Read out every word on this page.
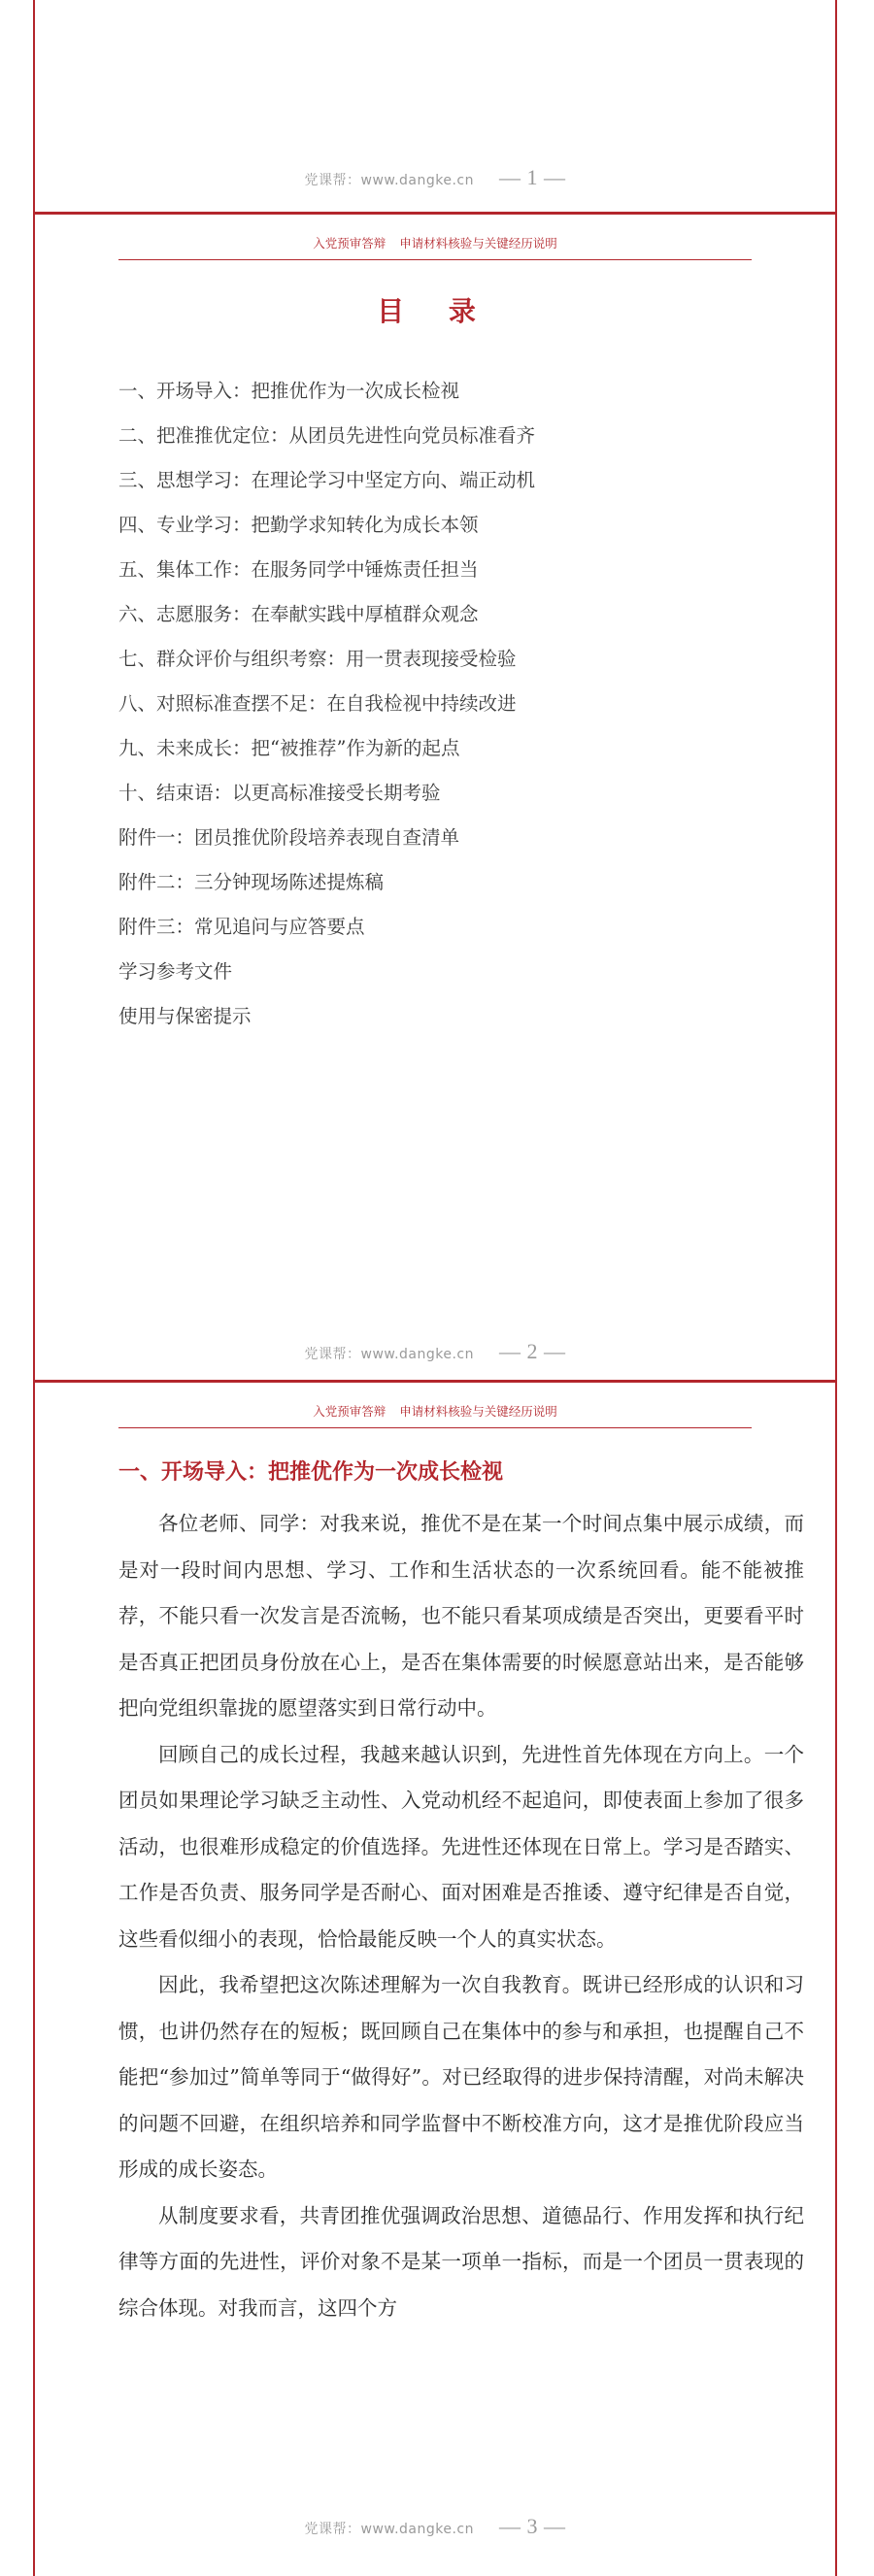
党课帮：www.dangke.cn — 1 —
入党预审答辩 申请材料核验与关键经历说明
目 录
一、开场导入：把推优作为一次成长检视
二、把准推优定位：从团员先进性向党员标准看齐
三、思想学习：在理论学习中坚定方向、端正动机
四、专业学习：把勤学求知转化为成长本领
五、集体工作：在服务同学中锤炼责任担当
六、志愿服务：在奉献实践中厚植群众观念
七、群众评价与组织考察：用一贯表现接受检验
八、对照标准查摆不足：在自我检视中持续改进
九、未来成长：把“被推荐”作为新的起点
十、结束语：以更高标准接受长期考验
附件一：团员推优阶段培养表现自查清单
附件二：三分钟现场陈述提炼稿
附件三：常见追问与应答要点
学习参考文件
使用与保密提示
党课帮：www.dangke.cn — 2 —
入党预审答辩 申请材料核验与关键经历说明
一、开场导入：把推优作为一次成长检视

各位老师、同学：对我来说，推优不是在某一个时间点集中展示成绩，而是对一段时间内思想、学习、工作和生活状态的一次系统回看。能不能被推荐，不能只看一次发言是否流畅，也不能只看某项成绩是否突出，更要看平时是否真正把团员身份放在心上，是否在集体需要的时候愿意站出来，是否能够把向党组织靠拢的愿望落实到日常行动中。

回顾自己的成长过程，我越来越认识到，先进性首先体现在方向上。一个团员如果理论学习缺乏主动性、入党动机经不起追问，即使表面上参加了很多活动，也很难形成稳定的价值选择。先进性还体现在日常上。学习是否踏实、工作是否负责、服务同学是否耐心、面对困难是否推诿、遵守纪律是否自觉，这些看似细小的表现，恰恰最能反映一个人的真实状态。

因此，我希望把这次陈述理解为一次自我教育。既讲已经形成的认识和习惯，也讲仍然存在的短板；既回顾自己在集体中的参与和承担，也提醒自己不能把“参加过”简单等同于“做得好”。对已经取得的进步保持清醒，对尚未解决的问题不回避，在组织培养和同学监督中不断校准方向，这才是推优阶段应当形成的成长姿态。

从制度要求看，共青团推优强调政治思想、道德品行、作用发挥和执行纪律等方面的先进性，评价对象不是某一项单一指标，而是一个团员一贯表现的综合体现。对我而言，这四个方

党课帮：www.dangke.cn — 3 —
